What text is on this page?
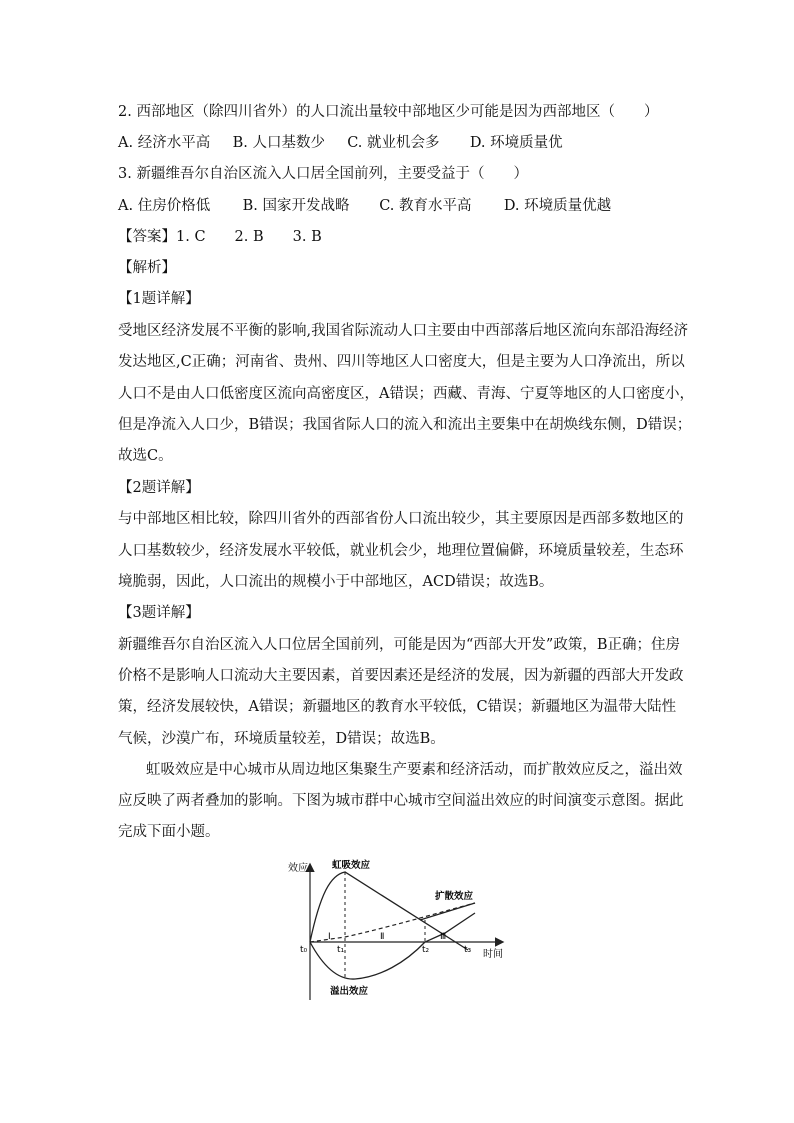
2. 西部地区（除四川省外）的人口流出量较中部地区少可能是因为西部地区（　　）
A. 经济水平高 B. 人口基数少 C. 就业机会多 D. 环境质量优
3. 新疆维吾尔自治区流入人口居全国前列，主要受益于（　　）
A. 住房价格低 B. 国家开发战略 C. 教育水平高 D. 环境质量优越
【答案】1. C　　2. B　　3. B
【解析】
【1题详解】
受地区经济发展不平衡的影响,我国省际流动人口主要由中西部落后地区流向东部沿海经济
发达地区,C正确；河南省、贵州、四川等地区人口密度大，但是主要为人口净流出，所以
人口不是由人口低密度区流向高密度区，A错误；西藏、青海、宁夏等地区的人口密度小，
但是净流入人口少，B错误；我国省际人口的流入和流出主要集中在胡焕线东侧，D错误；
故选C。
【2题详解】
与中部地区相比较，除四川省外的西部省份人口流出较少，其主要原因是西部多数地区的
人口基数较少，经济发展水平较低，就业机会少，地理位置偏僻，环境质量较差，生态环
境脆弱，因此，人口流出的规模小于中部地区，ACD错误；故选B。
【3题详解】
新疆维吾尔自治区流入人口位居全国前列，可能是因为“西部大开发”政策，B正确；住房
价格不是影响人口流动大主要因素，首要因素还是经济的发展，因为新疆的西部大开发政
策，经济发展较快，A错误；新疆地区的教育水平较低，C错误；新疆地区为温带大陆性
气候，沙漠广布，环境质量较差，D错误；故选B。
虹吸效应是中心城市从周边地区集聚生产要素和经济活动，而扩散效应反之，溢出效
应反映了两者叠加的影响。下图为城市群中心城市空间溢出效应的时间演变示意图。据此
完成下面小题。
效应
时间
虹吸效应
扩散效应
溢出效应
t₀	t₁	t₂	t₃
Ⅰ	Ⅱ	Ⅲ
